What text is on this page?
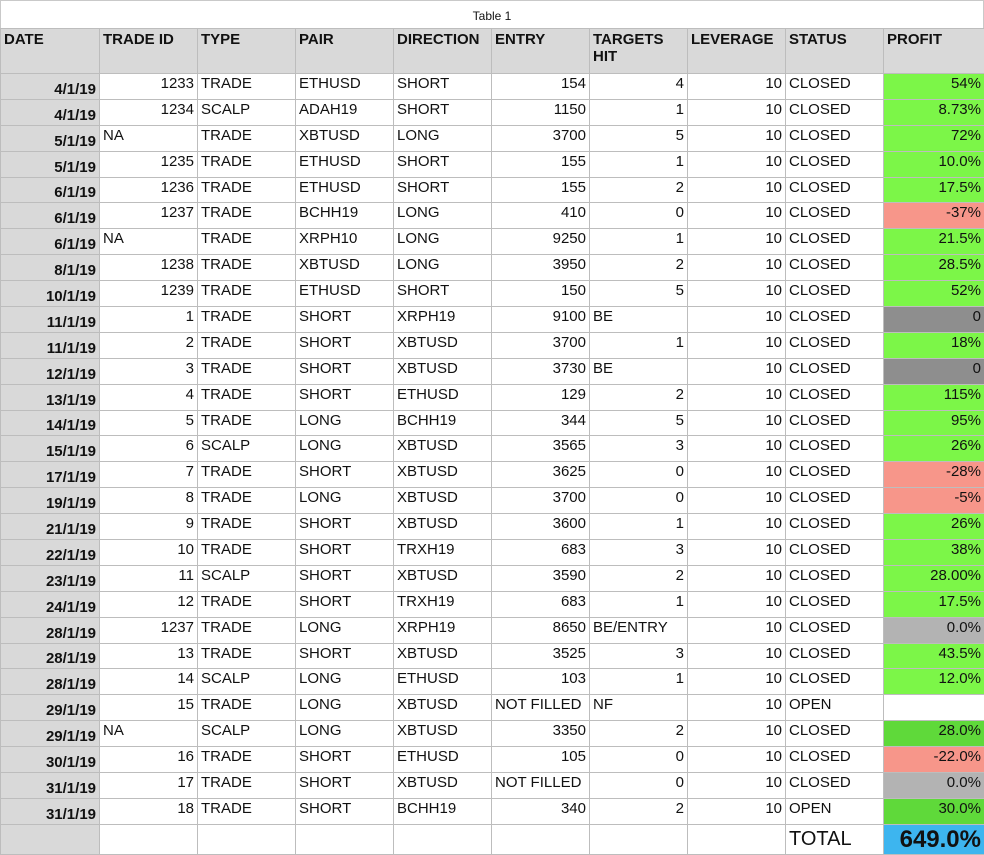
Table 1
DATE	TRADE ID	TYPE	PAIR	DIRECTION	ENTRY	TARGETS HIT	LEVERAGE	STATUS	PROFIT
4/1/19	1233	TRADE	ETHUSD	SHORT	154	4	10	CLOSED	54%
4/1/19	1234	SCALP	ADAH19	SHORT	1150	1	10	CLOSED	8.73%
5/1/19	NA	TRADE	XBTUSD	LONG	3700	5	10	CLOSED	72%
5/1/19	1235	TRADE	ETHUSD	SHORT	155	1	10	CLOSED	10.0%
6/1/19	1236	TRADE	ETHUSD	SHORT	155	2	10	CLOSED	17.5%
6/1/19	1237	TRADE	BCHH19	LONG	410	0	10	CLOSED	-37%
6/1/19	NA	TRADE	XRPH10	LONG	9250	1	10	CLOSED	21.5%
8/1/19	1238	TRADE	XBTUSD	LONG	3950	2	10	CLOSED	28.5%
10/1/19	1239	TRADE	ETHUSD	SHORT	150	5	10	CLOSED	52%
11/1/19	1	TRADE	SHORT	XRPH19	9100	BE	10	CLOSED	0
11/1/19	2	TRADE	SHORT	XBTUSD	3700	1	10	CLOSED	18%
12/1/19	3	TRADE	SHORT	XBTUSD	3730	BE	10	CLOSED	0
13/1/19	4	TRADE	SHORT	ETHUSD	129	2	10	CLOSED	115%
14/1/19	5	TRADE	LONG	BCHH19	344	5	10	CLOSED	95%
15/1/19	6	SCALP	LONG	XBTUSD	3565	3	10	CLOSED	26%
17/1/19	7	TRADE	SHORT	XBTUSD	3625	0	10	CLOSED	-28%
19/1/19	8	TRADE	LONG	XBTUSD	3700	0	10	CLOSED	-5%
21/1/19	9	TRADE	SHORT	XBTUSD	3600	1	10	CLOSED	26%
22/1/19	10	TRADE	SHORT	TRXH19	683	3	10	CLOSED	38%
23/1/19	11	SCALP	SHORT	XBTUSD	3590	2	10	CLOSED	28.00%
24/1/19	12	TRADE	SHORT	TRXH19	683	1	10	CLOSED	17.5%
28/1/19	1237	TRADE	LONG	XRPH19	8650	BE/ENTRY	10	CLOSED	0.0%
28/1/19	13	TRADE	SHORT	XBTUSD	3525	3	10	CLOSED	43.5%
28/1/19	14	SCALP	LONG	ETHUSD	103	1	10	CLOSED	12.0%
29/1/19	15	TRADE	LONG	XBTUSD	NOT FILLED	NF	10	OPEN	
29/1/19	NA	SCALP	LONG	XBTUSD	3350	2	10	CLOSED	28.0%
30/1/19	16	TRADE	SHORT	ETHUSD	105	0	10	CLOSED	-22.0%
31/1/19	17	TRADE	SHORT	XBTUSD	NOT FILLED	0	10	CLOSED	0.0%
31/1/19	18	TRADE	SHORT	BCHH19	340	2	10	OPEN	30.0%
								TOTAL	649.0%
